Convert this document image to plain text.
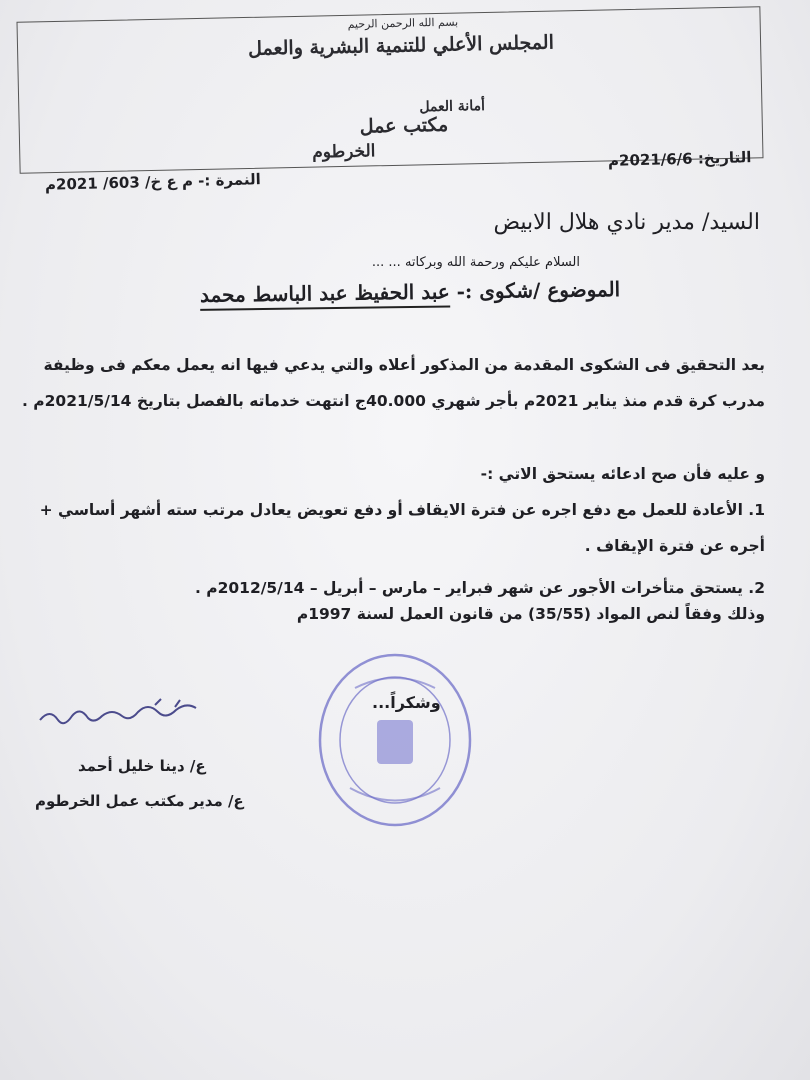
بسم الله الرحمن الرحيم
المجلس الأعلي للتنمية البشرية والعمل
أمانة العمل
مكتب عمل
الخرطوم	التاريخ: 2021/6/6م
النمرة :- م ع خ/ 603/ 2021م
السيد/ مدير نادي هلال الابيض
السلام عليكم ورحمة الله وبركاته ... ...
الموضوع /شكوى :- عبد الحفيظ عبد الباسط محمد
بعد التحقيق فى الشكوى المقدمة من المذكور أعلاه والتي يدعي فيها انه يعمل معكم فى وظيفة مدرب كرة قدم منذ يناير 2021م بأجر شهري 40.000ج انتهت خدماته بالفصل بتاريخ 2021/5/14م .
و عليه فأن صح ادعائه يستحق الاتي :-
1. الأعادة للعمل مع دفع اجره عن فترة الايقاف أو دفع تعويض يعادل مرتب سته أشهر أساسي + أجره عن فترة الإيقاف .
2. يستحق متأخرات الأجور عن شهر فبراير – مارس – أبريل – 2012/5/14م .
وذلك وفقاً لنص المواد (35/55) من قانون العمل لسنة 1997م
وشكراً...
ع/ دينا خليل أحمد
ع/ مدير مكتب عمل الخرطوم
